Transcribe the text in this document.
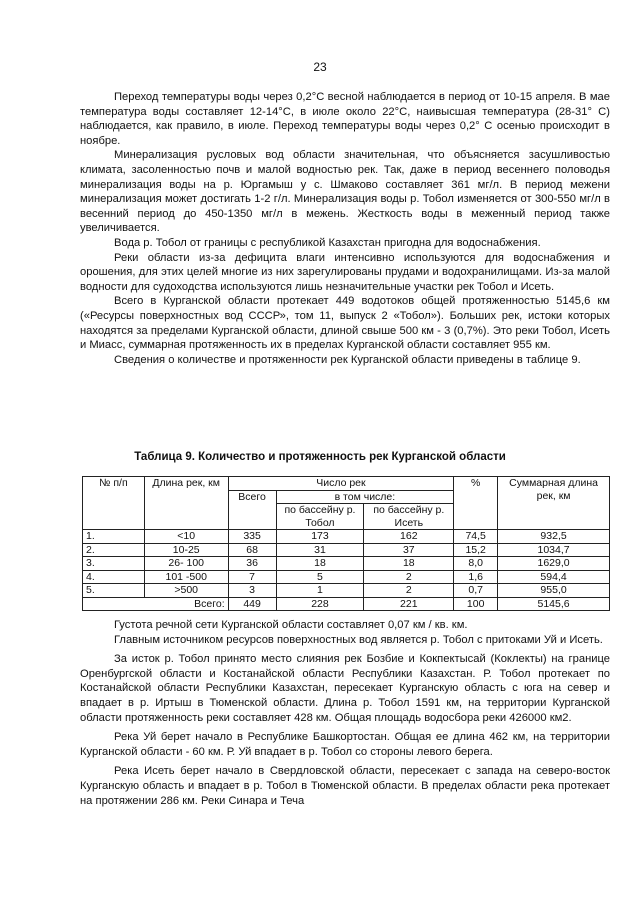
23

Переход температуры воды через 0,2°С весной наблюдается в период от 10-15 апреля. В мае температура воды составляет 12-14°С, в июле около 22°С, наивысшая температура (28-31° С) наблюдается, как правило, в июле. Переход температуры воды через 0,2° С осенью происходит в ноябре.

Минерализация русловых вод области значительная, что объясняется засушливостью климата, засоленностью почв и малой водностью рек. Так, даже в период весеннего половодья минерализация воды на р. Юргамыш у с. Шмаково составляет 361 мг/л. В период межени минерализация может достигать 1-2 г/л. Минерализация воды р. Тобол изменяется от 300-550 мг/л в весенний период до 450-1350 мг/л в межень. Жесткость воды в меженный период также увеличивается.

Вода р. Тобол от границы с республикой Казахстан пригодна для водоснабжения.

Реки области из-за дефицита влаги интенсивно используются для водоснабжения и орошения, для этих целей многие из них зарегулированы прудами и водохранилищами. Из-за малой водности для судоходства используются лишь незначительные участки рек Тобол и Исеть.

Всего в Курганской области протекает 449 водотоков общей протяженностью 5145,6 км («Ресурсы поверхностных вод СССР», том 11, выпуск 2 «Тобол»). Больших рек, истоки которых находятся за пределами Курганской области, длиной свыше 500 км - 3 (0,7%). Это реки Тобол, Исеть и Миасс, суммарная протяженность их в пределах Курганской области составляет 955 км.

Сведения о количестве и протяженности рек Курганской области приведены в таблице 9.

Таблица 9. Количество и протяженность рек Курганской области
№ п/п	Длина рек, км	Число рек			%	Суммарная длина рек, км
		Всего	в том числе:			
			по бассейну р. Тобол	по бассейну р. Исеть		
1.	<10	335	173	162	74,5	932,5
2.	10-25	68	31	37	15,2	1034,7
3.	26- 100	36	18	18	8,0	1629,0
4.	101 -500	7	5	2	1,6	594,4
5.	>500	3	1	2	0,7	955,0
Всего:		449	228	221	100	5145,6

Густота речной сети Курганской области составляет 0,07 км / кв. км.

Главным источником ресурсов поверхностных вод является р. Тобол с притоками Уй и Исеть.

За исток р. Тобол принято место слияния рек Бозбие и Кокпектысай (Коклекты) на границе Оренбургской области и Костанайской области Республики Казахстан. Р. Тобол протекает по Костанайской области Республики Казахстан, пересекает Курганскую область с юга на север и впадает в р. Иртыш в Тюменской области. Длина р. Тобол 1591 км, на территории Курганской области протяженность реки составляет 428 км. Общая площадь водосбора реки 426000 км2.

Река Уй берет начало в Республике Башкортостан. Общая ее длина 462 км, на территории Курганской области - 60 км. Р. Уй впадает в р. Тобол со стороны левого берега.

Река Исеть берет начало в Свердловской области, пересекает с запада на северо-восток Курганскую область и впадает в р. Тобол в Тюменской области. В пределах области река протекает на протяжении 286 км. Реки Синара и Теча
